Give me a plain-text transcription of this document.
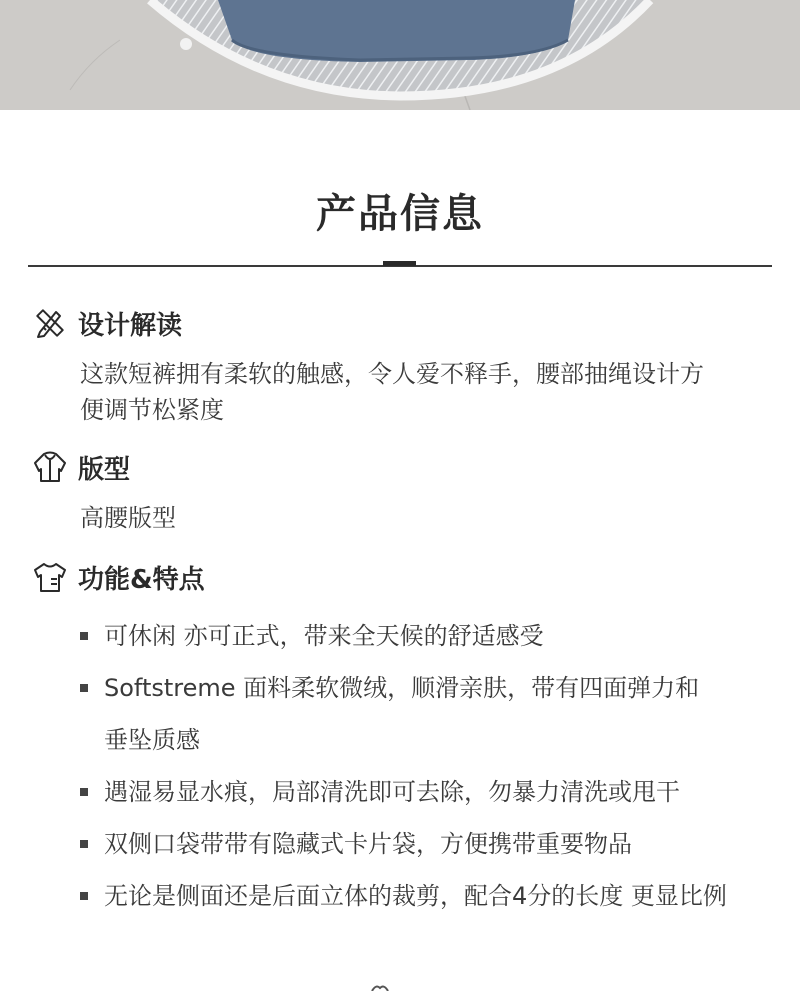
产品信息
设计解读
这款短裤拥有柔软的触感，令人爱不释手，腰部抽绳设计方
便调节松紧度
版型
高腰版型
功能&特点
可休闲 亦可正式，带来全天候的舒适感受
Softstreme 面料柔软微绒，顺滑亲肤，带有四面弹力和
垂坠质感
遇湿易显水痕，局部清洗即可去除，勿暴力清洗或甩干
双侧口袋带带有隐藏式卡片袋，方便携带重要物品
无论是侧面还是后面立体的裁剪，配合4分的长度 更显比例
